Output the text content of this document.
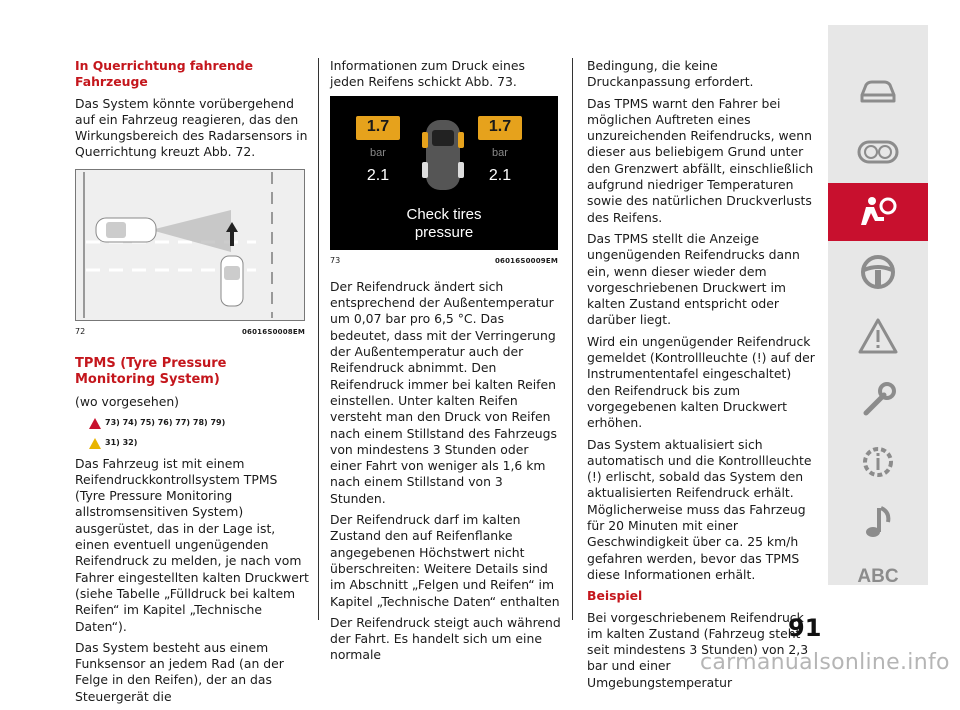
In Querrichtung fahrende Fahrzeuge

Das System könnte vorübergehend auf ein Fahrzeug reagieren, das den Wirkungsbereich des Radarsensors in Querrichtung kreuzt Abb. 72.

72	06016S0008EM

TPMS (Tyre Pressure Monitoring System)

(wo vorgesehen)

73) 74) 75) 76) 77) 78) 79)
31) 32)

Das Fahrzeug ist mit einem Reifendruckkontrollsystem TPMS (Tyre Pressure Monitoring allstromsensitiven System) ausgerüstet, das in der Lage ist, einen eventuell ungenügenden Reifendruck zu melden, je nach vom Fahrer eingestellten kalten Druckwert (siehe Tabelle „Fülldruck bei kaltem Reifen“ im Kapitel „Technische Daten“).

Das System besteht aus einem Funksensor an jedem Rad (an der Felge in den Reifen), der an das Steuergerät die

Informationen zum Druck eines jeden Reifens schickt Abb. 73.

1.7	1.7
bar	bar
2.1	2.1
Check tires
pressure
73	06016S0009EM

Der Reifendruck ändert sich entsprechend der Außentemperatur um 0,07 bar pro 6,5 °C. Das bedeutet, dass mit der Verringerung der Außentemperatur auch der Reifendruck abnimmt. Den Reifendruck immer bei kalten Reifen einstellen. Unter kalten Reifen versteht man den Druck von Reifen nach einem Stillstand des Fahrzeugs von mindestens 3 Stunden oder einer Fahrt von weniger als 1,6 km nach einem Stillstand von 3 Stunden.

Der Reifendruck darf im kalten Zustand den auf Reifenflanke angegebenen Höchstwert nicht überschreiten: Weitere Details sind im Abschnitt „Felgen und Reifen“ im Kapitel „Technische Daten“ enthalten

Der Reifendruck steigt auch während der Fahrt. Es handelt sich um eine normale

Bedingung, die keine Druckanpassung erfordert.

Das TPMS warnt den Fahrer bei möglichen Auftreten eines unzureichenden Reifendrucks, wenn dieser aus beliebigem Grund unter den Grenzwert abfällt, einschließlich aufgrund niedriger Temperaturen sowie des natürlichen Druckverlusts des Reifens.

Das TPMS stellt die Anzeige ungenügenden Reifendrucks dann ein, wenn dieser wieder dem vorgeschriebenen Druckwert im kalten Zustand entspricht oder darüber liegt.

Wird ein ungenügender Reifendruck gemeldet (Kontrollleuchte (!) auf der Instrumententafel eingeschaltet) den Reifendruck bis zum vorgegebenen kalten Druckwert erhöhen.

Das System aktualisiert sich automatisch und die Kontrollleuchte (!) erlischt, sobald das System den aktualisierten Reifendruck erhält. Möglicherweise muss das Fahrzeug für 20 Minuten mit einer Geschwindigkeit über ca. 25 km/h gefahren werden, bevor das TPMS diese Informationen erhält.

Beispiel

Bei vorgeschriebenem Reifendruck im kalten Zustand (Fahrzeug steht seit mindestens 3 Stunden) von 2,3 bar und einer Umgebungstemperatur

ABC
91
carmanualsonline.info
